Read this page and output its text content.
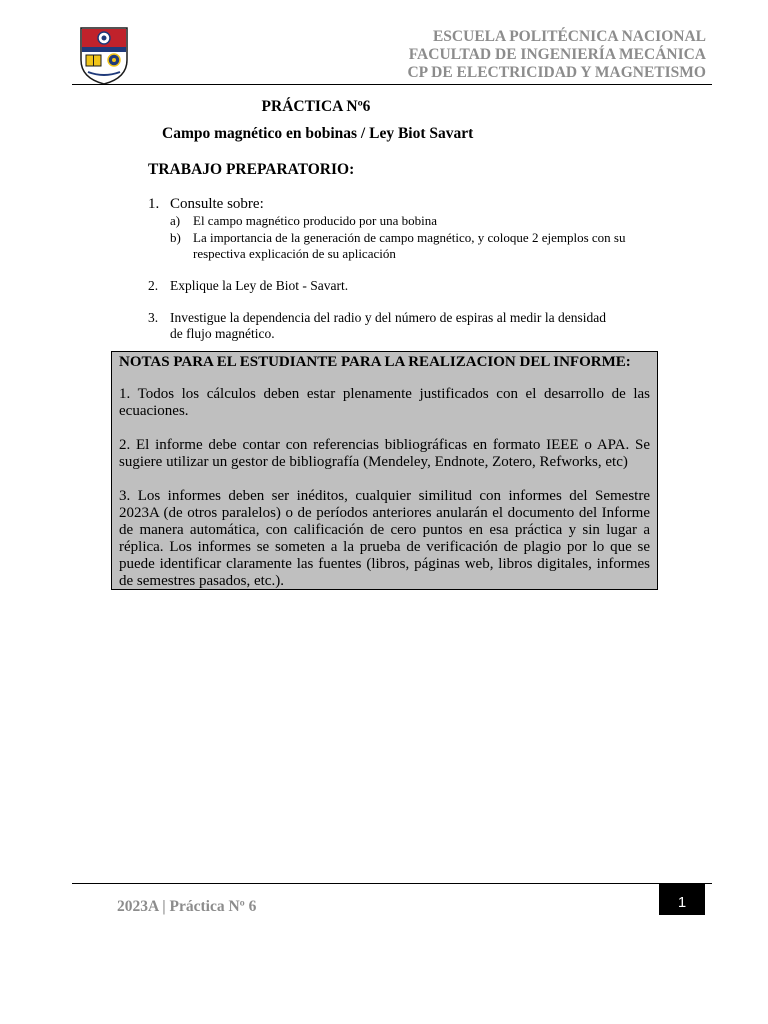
ESCUELA POLITÉCNICA NACIONAL
FACULTAD DE INGENIERÍA MECÁNICA
CP DE ELECTRICIDAD Y MAGNETISMO
PRÁCTICA Nº6
Campo magnético en bobinas / Ley Biot Savart
TRABAJO PREPARATORIO:
1. Consulte sobre:
a) El campo magnético producido por una bobina
b) La importancia de la generación de campo magnético, y coloque 2 ejemplos con su respectiva explicación de su aplicación
2. Explique la Ley de Biot - Savart.
3. Investigue la dependencia del radio y del número de espiras al medir la densidad de flujo magnético.

NOTAS PARA EL ESTUDIANTE PARA LA REALIZACION DEL INFORME:

1. Todos los cálculos deben estar plenamente justificados con el desarrollo de las ecuaciones.

2. El informe debe contar con referencias bibliográficas en formato IEEE o APA. Se sugiere utilizar un gestor de bibliografía (Mendeley, Endnote, Zotero, Refworks, etc)

3. Los informes deben ser inéditos, cualquier similitud con informes del Semestre 2023A (de otros paralelos) o de períodos anteriores anularán el documento del Informe de manera automática, con calificación de cero puntos en esa práctica y sin lugar a réplica. Los informes se someten a la prueba de verificación de plagio por lo que se puede identificar claramente las fuentes (libros, páginas web, libros digitales, informes de semestres pasados, etc.).

2023A | Práctica Nº 6	1
